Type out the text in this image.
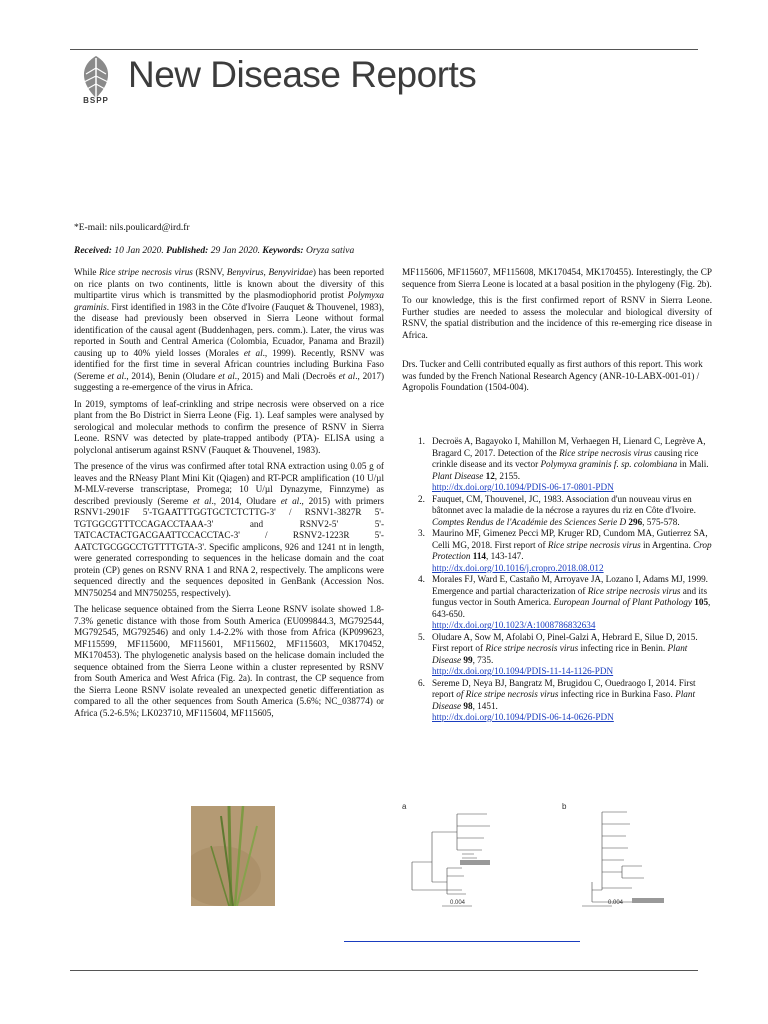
BSPP
New Disease Reports
*E-mail: nils.poulicard@ird.fr
Received: 10 Jan 2020. Published: 29 Jan 2020. Keywords: Oryza sativa

While Rice stripe necrosis virus (RSNV, Benyvirus, Benyviridae) has been reported on rice plants on two continents, little is known about the diversity of this multipartite virus which is transmitted by the plasmodiophorid protist Polymyxa graminis. First identified in 1983 in the Côte d'Ivoire (Fauquet & Thouvenel, 1983), the disease had previously been observed in Sierra Leone without formal identification of the causal agent (Buddenhagen, pers. comm.). Later, the virus was reported in South and Central America (Colombia, Ecuador, Panama and Brazil) causing up to 40% yield losses (Morales et al., 1999). Recently, RSNV was identified for the first time in several African countries including Burkina Faso (Sereme et al., 2014), Benin (Oludare et al., 2015) and Mali (Decroës et al., 2017) suggesting a re-emergence of the virus in Africa.

In 2019, symptoms of leaf-crinkling and stripe necrosis were observed on a rice plant from the Bo District in Sierra Leone (Fig. 1). Leaf samples were analysed by serological and molecular methods to confirm the presence of RSNV in Sierra Leone. RSNV was detected by plate-trapped antibody (PTA)- ELISA using a polyclonal antiserum against RSNV (Fauquet & Thouvenel, 1983).

The presence of the virus was confirmed after total RNA extraction using 0.05 g of leaves and the RNeasy Plant Mini Kit (Qiagen) and RT-PCR amplification (10 U/µl M-MLV-reverse transcriptase, Promega; 10 U/µl Dynazyme, Finnzyme) as described previously (Sereme et al., 2014, Oludare et al., 2015) with primers RSNV1-2901F 5'-TGAATTTGGTGCTCTCTTG-3' / RSNV1-3827R 5'-TGTGGCGTTTCCAGACCTAAA-3' and RSNV2-5' 5'-TATCACTACTGACGAATTCCACCTAC-3' / RSNV2-1223R 5'-AATCTGCGGCCTGTTTTGTA-3'. Specific amplicons, 926 and 1241 nt in length, were generated corresponding to sequences in the helicase domain and the coat protein (CP) genes on RSNV RNA 1 and RNA 2, respectively. The amplicons were sequenced directly and the sequences deposited in GenBank (Accession Nos. MN750254 and MN750255, respectively).

The helicase sequence obtained from the Sierra Leone RSNV isolate showed 1.8-7.3% genetic distance with those from South America (EU099844.3, MG792544, MG792545, MG792546) and only 1.4-2.2% with those from Africa (KP099623, MF115599, MF115600, MF115601, MF115602, MF115603, MK170452, MK170453). The phylogenetic analysis based on the helicase domain included the sequence obtained from the Sierra Leone within a cluster represented by RSNV from South America and West Africa (Fig. 2a). In contrast, the CP sequence from the Sierra Leone RSNV isolate revealed an unexpected genetic differentiation as compared to all the other sequences from South America (5.6%; NC_038774) or Africa (5.2-6.5%; LK023710, MF115604, MF115605,

MF115606, MF115607, MF115608, MK170454, MK170455). Interestingly, the CP sequence from Sierra Leone is located at a basal position in the phylogeny (Fig. 2b).

To our knowledge, this is the first confirmed report of RSNV in Sierra Leone. Further studies are needed to assess the molecular and biological diversity of RSNV, the spatial distribution and the incidence of this re-emerging rice disease in Africa.

Drs. Tucker and Celli contributed equally as first authors of this report. This work was funded by the French National Research Agency (ANR-10-LABX-001-01) / Agropolis Foundation (1504-004).

1. Decroës A, Bagayoko I, Mahillon M, Verhaegen H, Lienard C, Legrève A, Bragard C, 2017. Detection of the Rice stripe necrosis virus causing rice crinkle disease and its vector Polymyxa graminis f. sp. colombiana in Mali. Plant Disease 12, 2155.
http://dx.doi.org/10.1094/PDIS-06-17-0801-PDN
2. Fauquet, CM, Thouvenel, JC, 1983. Association d'un nouveau virus en bâtonnet avec la maladie de la nécrose a rayures du riz en Côte d'Ivoire. Comptes Rendus de l'Académie des Sciences Serie D 296, 575-578.
3. Maurino MF, Gimenez Pecci MP, Kruger RD, Cundom MA, Gutierrez SA, Celli MG, 2018. First report of Rice stripe necrosis virus in Argentina. Crop Protection 114, 143-147.
http://dx.doi.org/10.1016/j.cropro.2018.08.012
4. Morales FJ, Ward E, Castaño M, Arroyave JA, Lozano I, Adams MJ, 1999. Emergence and partial characterization of Rice stripe necrosis virus and its fungus vector in South America. European Journal of Plant Pathology 105, 643-650.
http://dx.doi.org/10.1023/A:1008786832634
5. Oludare A, Sow M, Afolabi O, Pinel-Galzi A, Hebrard E, Silue D, 2015. First report of Rice stripe necrosis virus infecting rice in Benin. Plant Disease 99, 735.
http://dx.doi.org/10.1094/PDIS-11-14-1126-PDN
6. Sereme D, Neya BJ, Bangratz M, Brugidou C, Ouedraogo I, 2014. First report of Rice stripe necrosis virus infecting rice in Burkina Faso. Plant Disease 98, 1451.
http://dx.doi.org/10.1094/PDIS-06-14-0626-PDN
a
0.004
b
0.004
